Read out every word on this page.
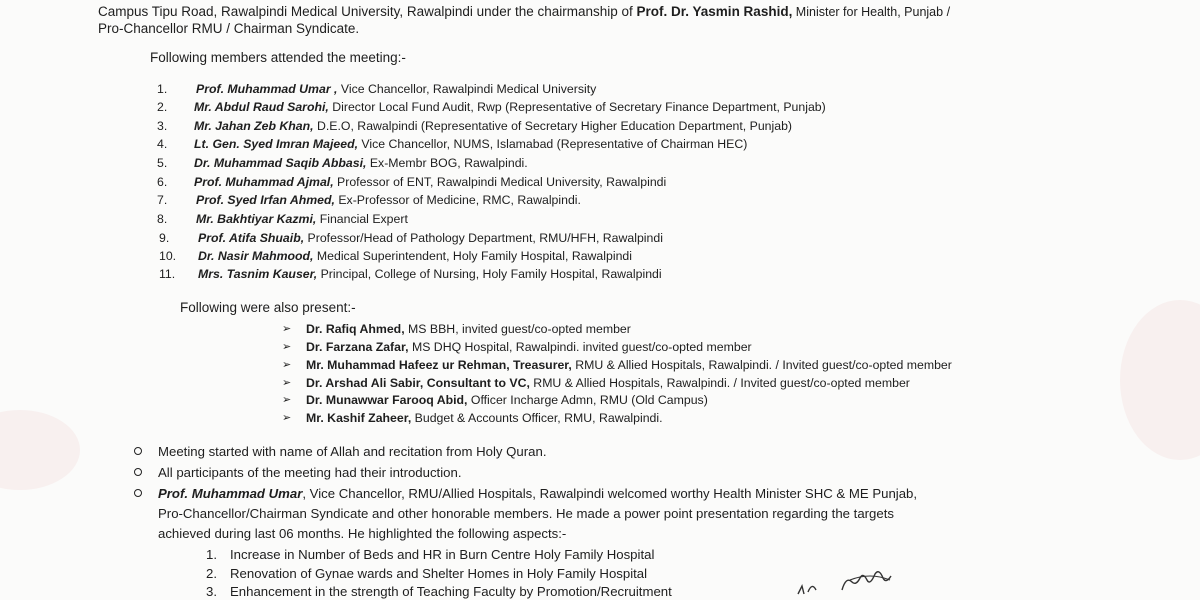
Campus Tipu Road, Rawalpindi Medical University, Rawalpindi under the chairmanship of Prof. Dr. Yasmin Rashid, Minister for Health, Punjab /
Pro-Chancellor RMU / Chairman Syndicate.
Following members attended the meeting:-
1.	Prof. Muhammad Umar , Vice Chancellor, Rawalpindi Medical University
2.	Mr. Abdul Raud Sarohi, Director Local Fund Audit, Rwp (Representative of Secretary Finance Department, Punjab)
3.	Mr. Jahan Zeb Khan, D.E.O, Rawalpindi (Representative of Secretary Higher Education Department, Punjab)
4.	Lt. Gen. Syed Imran Majeed, Vice Chancellor, NUMS, Islamabad (Representative of Chairman HEC)
5.	Dr. Muhammad Saqib Abbasi, Ex-Membr BOG, Rawalpindi.
6.	Prof. Muhammad Ajmal, Professor of ENT, Rawalpindi Medical University, Rawalpindi
7.	Prof. Syed Irfan Ahmed, Ex-Professor of Medicine, RMC, Rawalpindi.
8.	Mr. Bakhtiyar Kazmi, Financial Expert
9.	Prof. Atifa Shuaib, Professor/Head of Pathology Department, RMU/HFH, Rawalpindi
10.	Dr. Nasir Mahmood, Medical Superintendent, Holy Family Hospital, Rawalpindi
11.	Mrs. Tasnim Kauser, Principal, College of Nursing, Holy Family Hospital, Rawalpindi
Following were also present:-
➢ Dr. Rafiq Ahmed, MS BBH, invited guest/co-opted member
➢ Dr. Farzana Zafar, MS DHQ Hospital, Rawalpindi. invited guest/co-opted member
➢ Mr. Muhammad Hafeez ur Rehman, Treasurer, RMU & Allied Hospitals, Rawalpindi. / Invited guest/co-opted member
➢ Dr. Arshad Ali Sabir, Consultant to VC, RMU & Allied Hospitals, Rawalpindi. / Invited guest/co-opted member
➢ Dr. Munawwar Farooq Abid, Officer Incharge Admn, RMU (Old Campus)
➢ Mr. Kashif Zaheer, Budget & Accounts Officer, RMU, Rawalpindi.
Meeting started with name of Allah and recitation from Holy Quran.
All participants of the meeting had their introduction.
Prof. Muhammad Umar, Vice Chancellor, RMU/Allied Hospitals, Rawalpindi welcomed worthy Health Minister SHC & ME Punjab,
Pro-Chancellor/Chairman Syndicate and other honorable members. He made a power point presentation regarding the targets
achieved during last 06 months. He highlighted the following aspects:-
1. Increase in Number of Beds and HR in Burn Centre Holy Family Hospital
2. Renovation of Gynae wards and Shelter Homes in Holy Family Hospital
3. Enhancement in the strength of Teaching Faculty by Promotion/Recruitment
